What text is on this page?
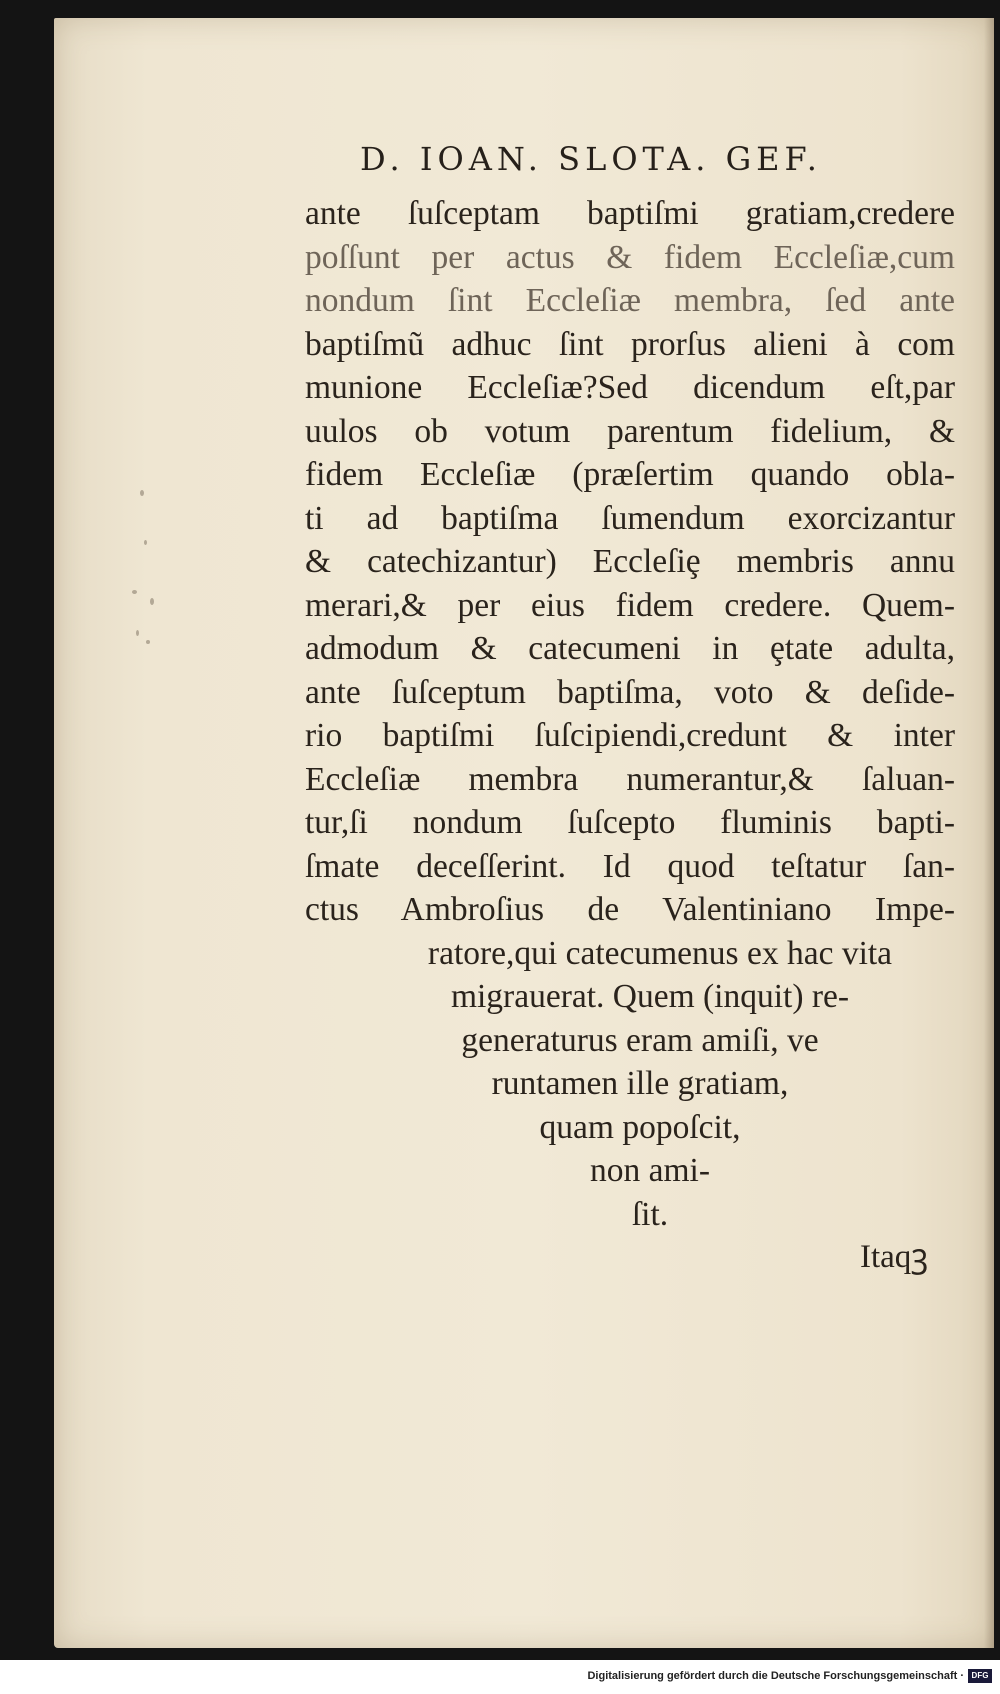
D. IOAN. SLOTA. GEF.
ante ſuſceptam baptiſmi gratiam,credere
poſſunt per actus & fidem Eccleſiæ,cum
nondum ſint Eccleſiæ membra, ſed ante
baptiſmũ adhuc ſint prorſus alieni à com
munione Eccleſiæ?Sed dicendum eſt,par
uulos ob votum parentum fidelium, &
fidem Eccleſiæ (præſertim quando obla-
ti ad baptiſma ſumendum exorcizantur
& catechizantur) Eccleſiȩ membris annu
merari,& per eius fidem credere. Quem-
admodum & catecumeni in ȩtate adulta,
ante ſuſceptum baptiſma, voto & deſide-
rio baptiſmi ſuſcipiendi,credunt & inter
Eccleſiæ membra numerantur,& ſaluan-
tur,ſi nondum ſuſcepto fluminis bapti-
ſmate deceſſerint. Id quod teſtatur ſan-
ctus Ambroſius de Valentiniano Impe-
ratore,qui catecumenus ex hac vita
migrauerat. Quem (inquit) re-
generaturus eram amiſi, ve
runtamen ille gratiam,
quam popoſcit,
non ami-
ſit.
Itaqꝫ
Digitalisierung gefördert durch die Deutsche Forschungsgemeinschaft · DFG
